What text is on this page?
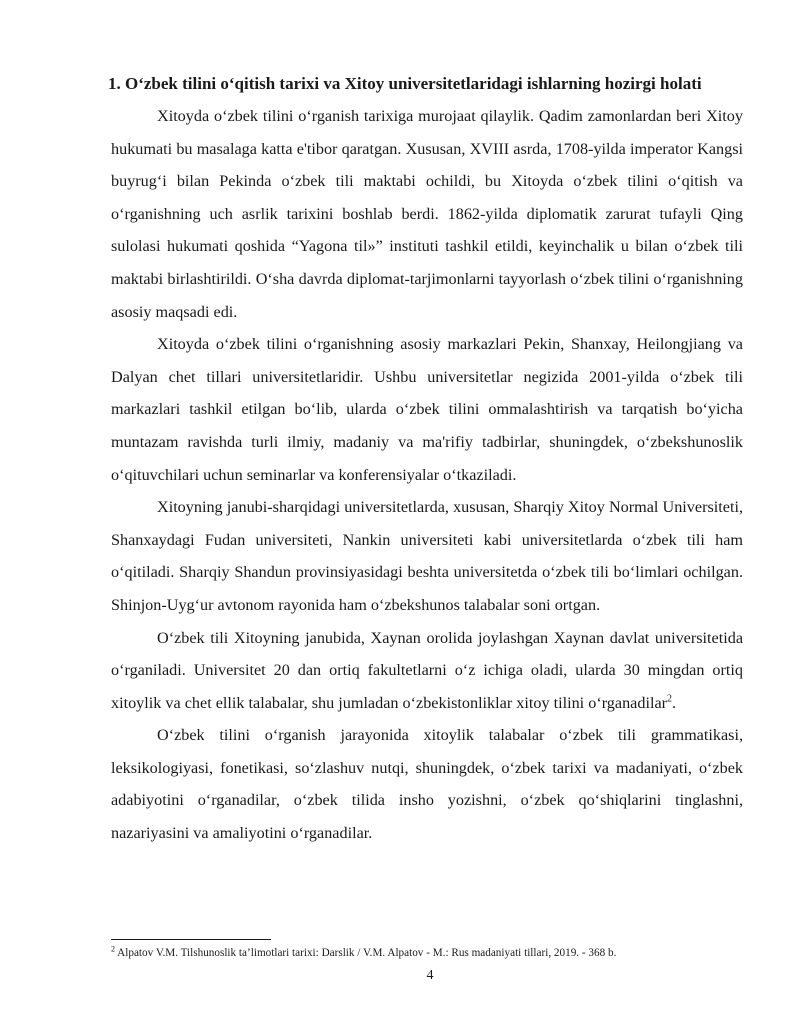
1. O‘zbek tilini o‘qitish tarixi va Xitoy universitetlaridagi ishlarning hozirgi holati

Xitoyda o‘zbek tilini o‘rganish tarixiga murojaat qilaylik. Qadim zamonlardan beri Xitoy hukumati bu masalaga katta e'tibor qaratgan. Xususan, XVIII asrda, 1708-yilda imperator Kangsi buyrug‘i bilan Pekinda o‘zbek tili maktabi ochildi, bu Xitoyda o‘zbek tilini o‘qitish va o‘rganishning uch asrlik tarixini boshlab berdi. 1862-yilda diplomatik zarurat tufayli Qing sulolasi hukumati qoshida “Yagona til»” instituti tashkil etildi, keyinchalik u bilan o‘zbek tili maktabi birlashtirildi. O‘sha davrda diplomat-tarjimonlarni tayyorlash o‘zbek tilini o‘rganishning asosiy maqsadi edi.

Xitoyda o‘zbek tilini o‘rganishning asosiy markazlari Pekin, Shanxay, Heilongjiang va Dalyan chet tillari universitetlaridir. Ushbu universitetlar negizida 2001-yilda o‘zbek tili markazlari tashkil etilgan bo‘lib, ularda o‘zbek tilini ommalashtirish va tarqatish bo‘yicha muntazam ravishda turli ilmiy, madaniy va ma'rifiy tadbirlar, shuningdek, o‘zbekshunoslik o‘qituvchilari uchun seminarlar va konferensiyalar o‘tkaziladi.

Xitoyning janubi-sharqidagi universitetlarda, xususan, Sharqiy Xitoy Normal Universiteti, Shanxaydagi Fudan universiteti, Nankin universiteti kabi universitetlarda o‘zbek tili ham o‘qitiladi. Sharqiy Shandun provinsiyasidagi beshta universitetda o‘zbek tili bo‘limlari ochilgan. Shinjon-Uyg‘ur avtonom rayonida ham o‘zbekshunos talabalar soni ortgan.

O‘zbek tili Xitoyning janubida, Xaynan orolida joylashgan Xaynan davlat universitetida o‘rganiladi. Universitet 20 dan ortiq fakultetlarni o‘z ichiga oladi, ularda 30 mingdan ortiq xitoylik va chet ellik talabalar, shu jumladan o‘zbekistonliklar xitoy tilini o‘rganadilar$^2$.

O‘zbek tilini o‘rganish jarayonida xitoylik talabalar o‘zbek tili grammatikasi, leksikologiyasi, fonetikasi, so‘zlashuv nutqi, shuningdek, o‘zbek tarixi va madaniyati, o‘zbek adabiyotini o‘rganadilar, o‘zbek tilida insho yozishni, o‘zbek qo‘shiqlarini tinglashni, nazariyasini va amaliyotini o‘rganadilar.

$^2$ Alpatov V.M. Tilshunoslik ta’limotlari tarixi: Darslik / V.M. Alpatov - M.: Rus madaniyati tillari, 2019. - 368 b.
4
